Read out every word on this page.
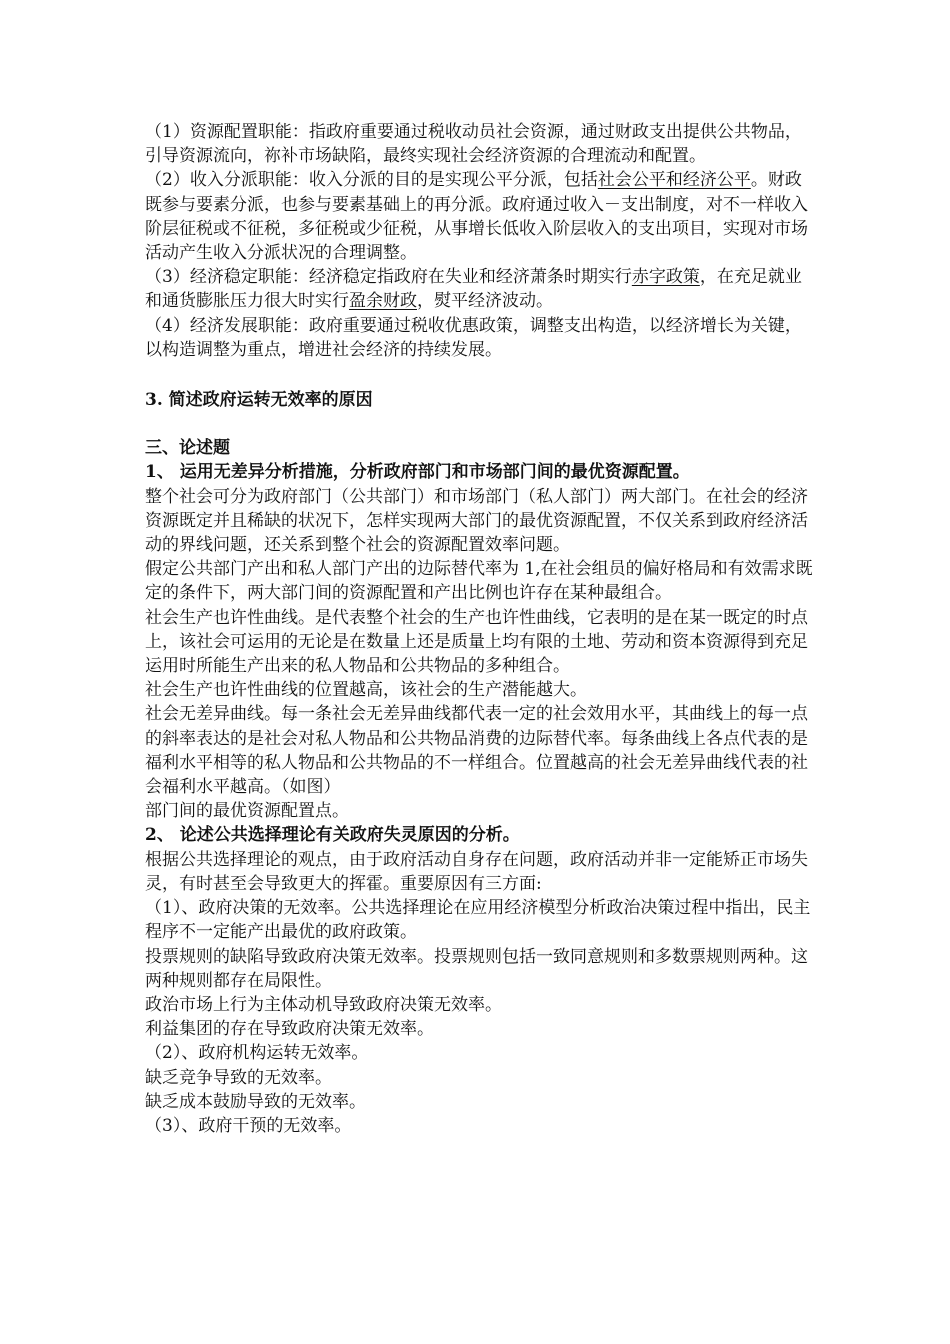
（1）资源配置职能：指政府重要通过税收动员社会资源，通过财政支出提供公共物品，引导资源流向，祢补市场缺陷，最终实现社会经济资源的合理流动和配置。

（2）收入分派职能：收入分派的目的是实现公平分派，包括社会公平和经济公平。财政既参与要素分派，也参与要素基础上的再分派。政府通过收入－支出制度，对不一样收入阶层征税或不征税，多征税或少征税，从事增长低收入阶层收入的支出项目，实现对市场活动产生收入分派状况的合理调整。

（3）经济稳定职能：经济稳定指政府在失业和经济萧条时期实行赤字政策，在充足就业和通货膨胀压力很大时实行盈余财政，熨平经济波动。

（4）经济发展职能：政府重要通过税收优惠政策，调整支出构造，以经济增长为关键，以构造调整为重点，增进社会经济的持续发展。

3. 简述政府运转无效率的原因

三、论述题

1、 运用无差异分析措施，分析政府部门和市场部门间的最优资源配置。

整个社会可分为政府部门（公共部门）和市场部门（私人部门）两大部门。在社会的经济资源既定并且稀缺的状况下，怎样实现两大部门的最优资源配置，不仅关系到政府经济活动的界线问题，还关系到整个社会的资源配置效率问题。

假定公共部门产出和私人部门产出的边际替代率为 1,在社会组员的偏好格局和有效需求既定的条件下，两大部门间的资源配置和产出比例也许存在某种最组合。

社会生产也许性曲线。是代表整个社会的生产也许性曲线，它表明的是在某一既定的时点上，该社会可运用的无论是在数量上还是质量上均有限的土地、劳动和资本资源得到充足运用时所能生产出来的私人物品和公共物品的多种组合。

社会生产也许性曲线的位置越高，该社会的生产潜能越大。

社会无差异曲线。每一条社会无差异曲线都代表一定的社会效用水平，其曲线上的每一点的斜率表达的是社会对私人物品和公共物品消费的边际替代率。每条曲线上各点代表的是福利水平相等的私人物品和公共物品的不一样组合。位置越高的社会无差异曲线代表的社会福利水平越高。（如图）

部门间的最优资源配置点。

2、 论述公共选择理论有关政府失灵原因的分析。

根据公共选择理论的观点，由于政府活动自身存在问题，政府活动并非一定能矫正市场失灵，有时甚至会导致更大的挥霍。重要原因有三方面:

（1）、政府决策的无效率。公共选择理论在应用经济模型分析政治决策过程中指出，民主程序不一定能产出最优的政府政策。

投票规则的缺陷导致政府决策无效率。投票规则包括一致同意规则和多数票规则两种。这两种规则都存在局限性。

政治市场上行为主体动机导致政府决策无效率。

利益集团的存在导致政府决策无效率。

（2）、政府机构运转无效率。

缺乏竞争导致的无效率。

缺乏成本鼓励导致的无效率。

（3）、政府干预的无效率。
